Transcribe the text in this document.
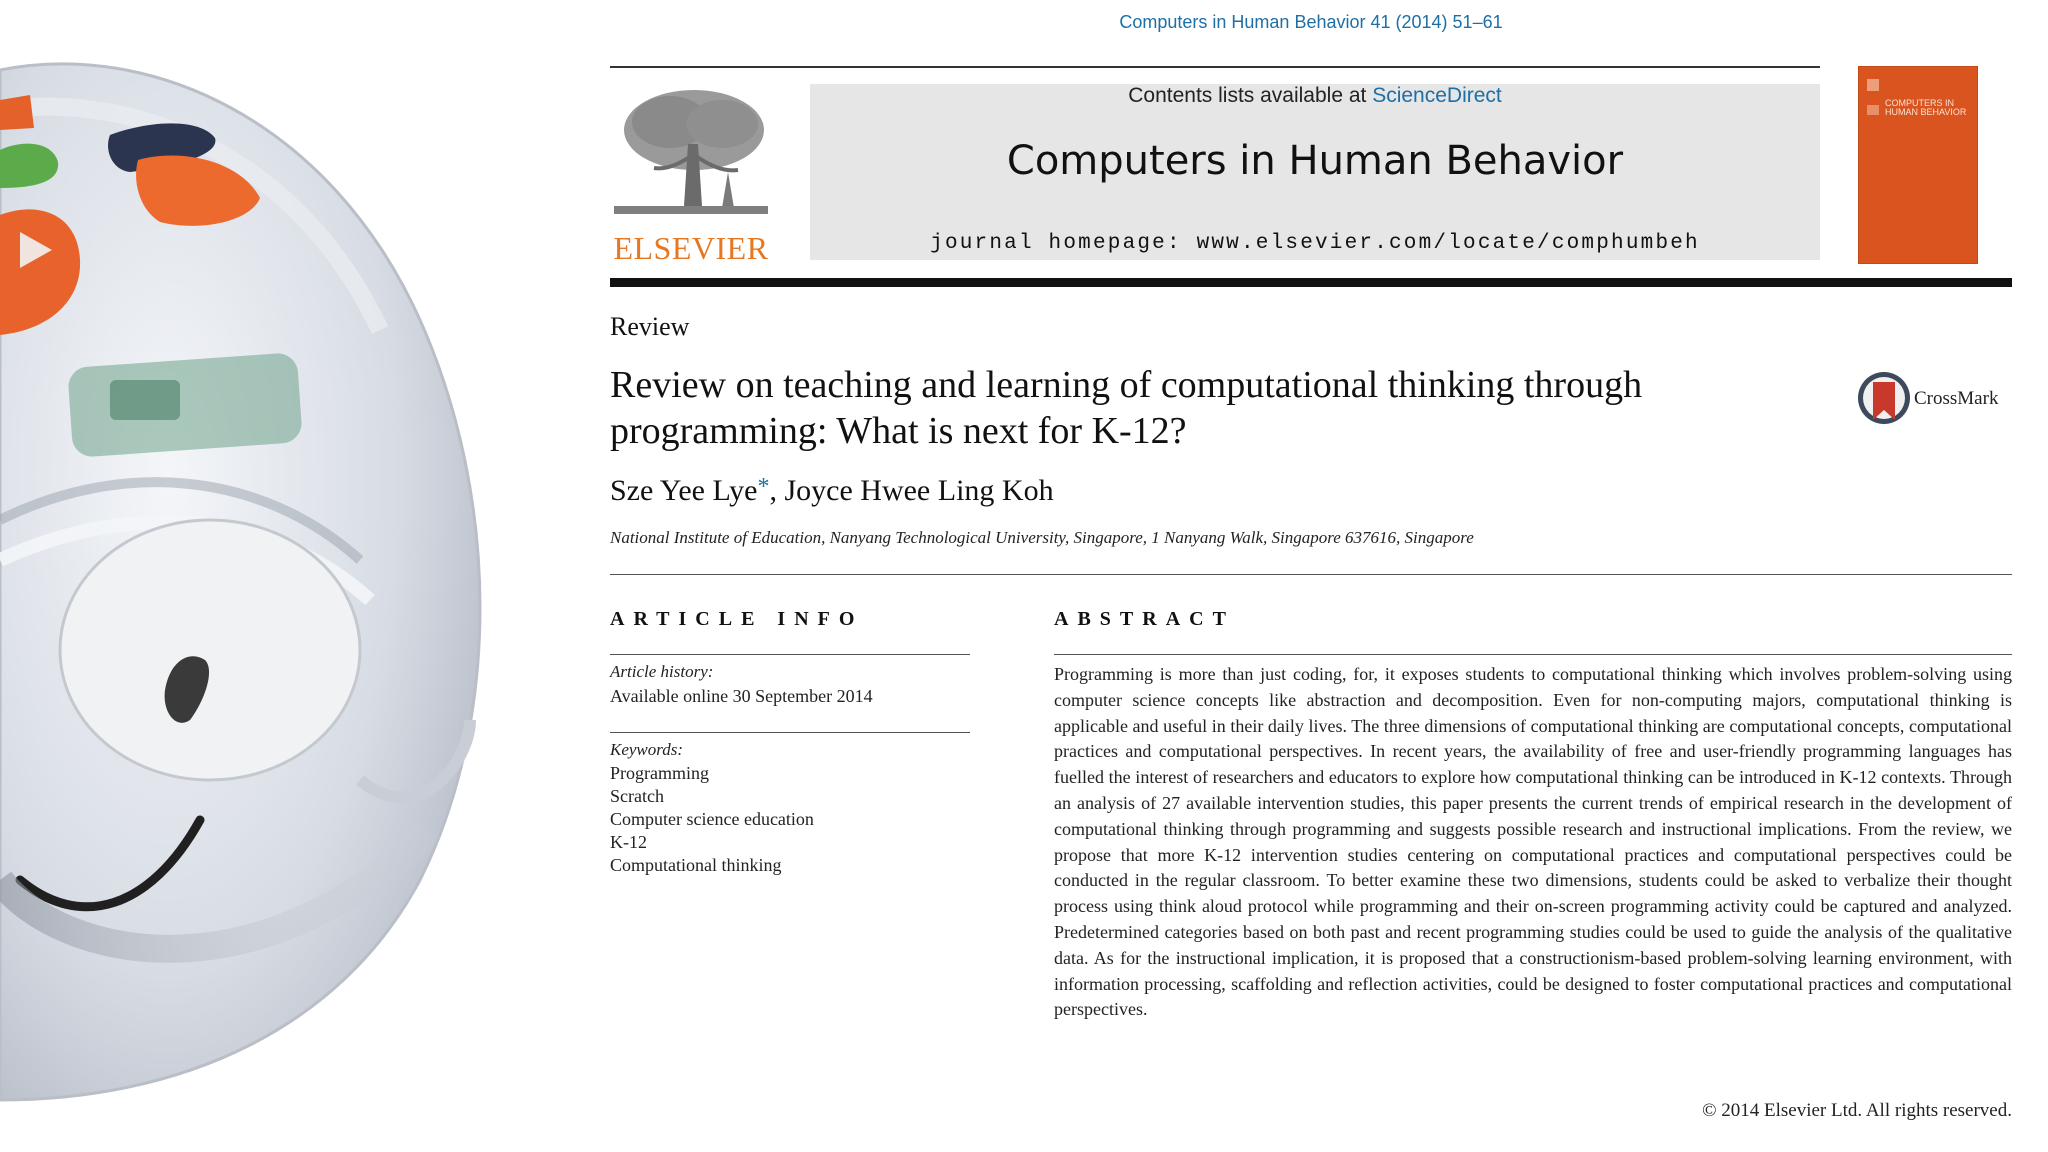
Computers in Human Behavior 41 (2014) 51–61
ELSEVIER
Contents lists available at ScienceDirect
Computers in Human Behavior
journal homepage: www.elsevier.com/locate/comphumbeh
COMPUTERS IN HUMAN BEHAVIOR
Review
Review on teaching and learning of computational thinking through programming: What is next for K-12?
CrossMark
Sze Yee Lye*, Joyce Hwee Ling Koh
National Institute of Education, Nanyang Technological University, Singapore, 1 Nanyang Walk, Singapore 637616, Singapore
ARTICLE INFO
Article history:
Available online 30 September 2014
Keywords:
Programming
Scratch
Computer science education
K-12
Computational thinking
ABSTRACT

Programming is more than just coding, for, it exposes students to computational thinking which involves problem-solving using computer science concepts like abstraction and decomposition. Even for non-computing majors, computational thinking is applicable and useful in their daily lives. The three dimensions of computational thinking are computational concepts, computational practices and computational perspectives. In recent years, the availability of free and user-friendly programming languages has fuelled the interest of researchers and educators to explore how computational thinking can be introduced in K-12 contexts. Through an analysis of 27 available intervention studies, this paper presents the current trends of empirical research in the development of computational thinking through programming and suggests possible research and instructional implications. From the review, we propose that more K-12 intervention studies centering on computational practices and computational perspectives could be conducted in the regular classroom. To better examine these two dimensions, students could be asked to verbalize their thought process using think aloud protocol while programming and their on-screen programming activity could be captured and analyzed. Predetermined categories based on both past and recent programming studies could be used to guide the analysis of the qualitative data. As for the instructional implication, it is proposed that a constructionism-based problem-solving learning environment, with information processing, scaffolding and reflection activities, could be designed to foster computational practices and computational perspectives.

© 2014 Elsevier Ltd. All rights reserved.
